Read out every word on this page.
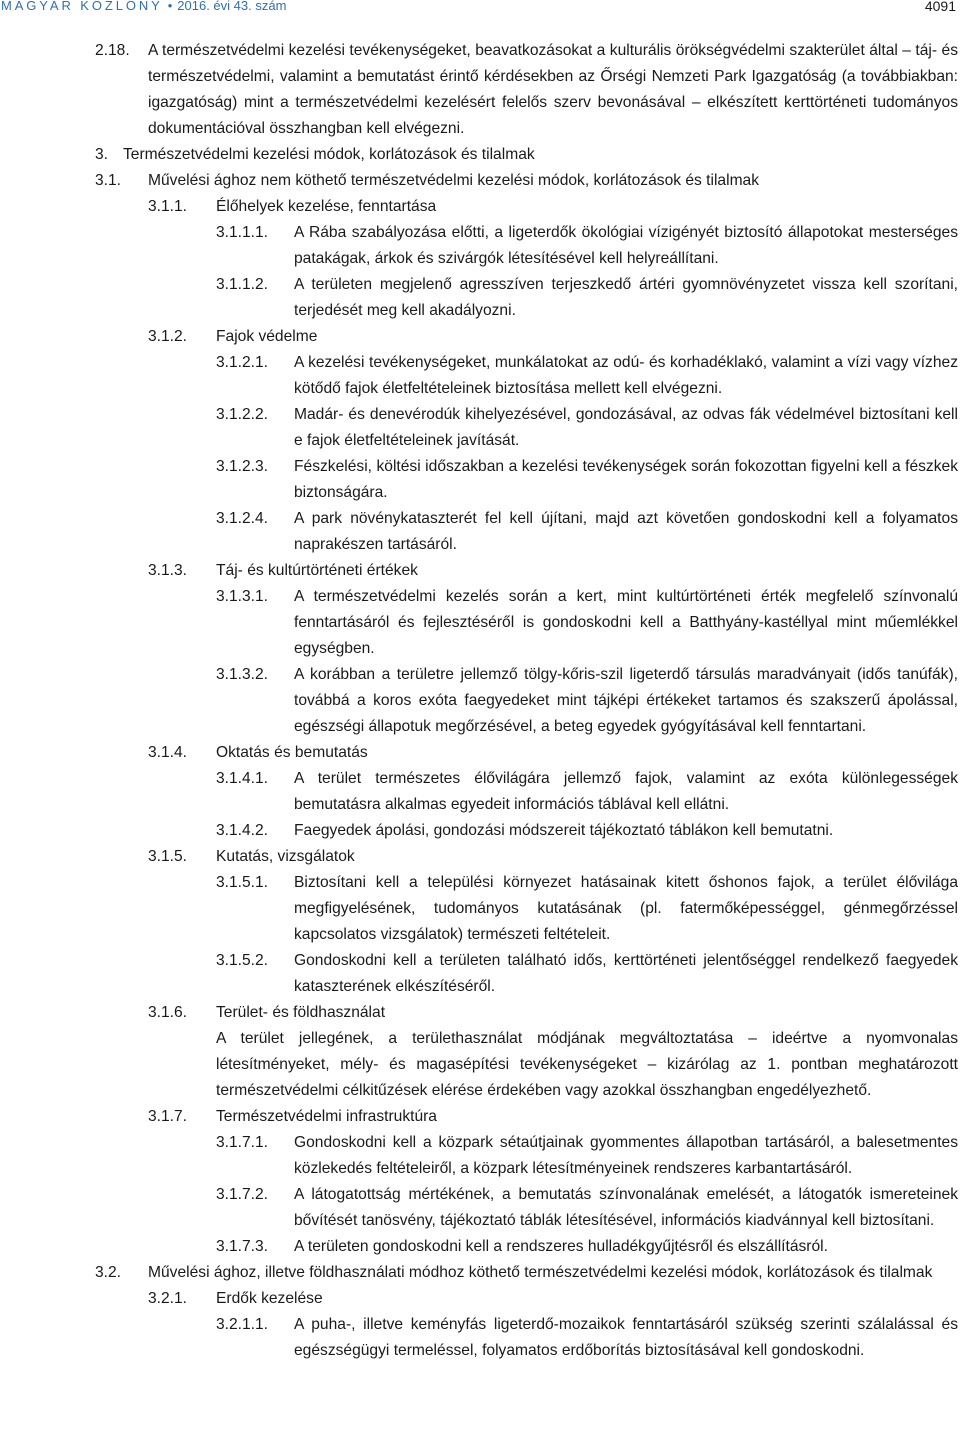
MAGYAR KÖZLÖNY • 2016. évi 43. szám	4091
2.18.	A természetvédelmi kezelési tevékenységeket, beavatkozásokat a kulturális örökségvédelmi szakterület által – táj- és természetvédelmi, valamint a bemutatást érintő kérdésekben az Őrségi Nemzeti Park Igazgatóság (a továbbiakban: igazgatóság) mint a természetvédelmi kezelésért felelős szerv bevonásával – elkészített kerttörténeti tudományos dokumentációval összhangban kell elvégezni.
3. Természetvédelmi kezelési módok, korlátozások és tilalmak
3.1.	Művelési ághoz nem köthető természetvédelmi kezelési módok, korlátozások és tilalmak
3.1.1.	Élőhelyek kezelése, fenntartása
3.1.1.1.	A Rába szabályozása előtti, a ligeterdők ökológiai vízigényét biztosító állapotokat mesterséges patakágak, árkok és szivárgók létesítésével kell helyreállítani.
3.1.1.2.	A területen megjelenő agresszíven terjeszkedő ártéri gyomnövényzetet vissza kell szorítani, terjedését meg kell akadályozni.
3.1.2.	Fajok védelme
3.1.2.1.	A kezelési tevékenységeket, munkálatokat az odú- és korhadéklakó, valamint a vízi vagy vízhez kötődő fajok életfeltételeinek biztosítása mellett kell elvégezni.
3.1.2.2.	Madár- és denevérodúk kihelyezésével, gondozásával, az odvas fák védelmével biztosítani kell e fajok életfeltételeinek javítását.
3.1.2.3.	Fészkelési, költési időszakban a kezelési tevékenységek során fokozottan figyelni kell a fészkek biztonságára.
3.1.2.4.	A park növénykataszterét fel kell újítani, majd azt követően gondoskodni kell a folyamatos naprakészen tartásáról.
3.1.3.	Táj- és kultúrtörténeti értékek
3.1.3.1.	A természetvédelmi kezelés során a kert, mint kultúrtörténeti érték megfelelő színvonalú fenntartásáról és fejlesztéséről is gondoskodni kell a Batthyány-kastéllyal mint műemlékkel egységben.
3.1.3.2.	A korábban a területre jellemző tölgy-kőris-szil ligeterdő társulás maradványait (idős tanúfák), továbbá a koros exóta faegyedeket mint tájképi értékeket tartamos és szakszerű ápolással, egészségi állapotuk megőrzésével, a beteg egyedek gyógyításával kell fenntartani.
3.1.4.	Oktatás és bemutatás
3.1.4.1.	A terület természetes élővilágára jellemző fajok, valamint az exóta különlegességek bemutatásra alkalmas egyedeit információs táblával kell ellátni.
3.1.4.2.	Faegyedek ápolási, gondozási módszereit tájékoztató táblákon kell bemutatni.
3.1.5.	Kutatás, vizsgálatok
3.1.5.1.	Biztosítani kell a települési környezet hatásainak kitett őshonos fajok, a terület élővilága megfigyelésének, tudományos kutatásának (pl. fatermőképességgel, génmegőrzéssel kapcsolatos vizsgálatok) természeti feltételeit.
3.1.5.2.	Gondoskodni kell a területen található idős, kerttörténeti jelentőséggel rendelkező faegyedek kataszterének elkészítéséről.
3.1.6.	Terület- és földhasználat
A terület jellegének, a területhasználat módjának megváltoztatása – ideértve a nyomvonalas létesítményeket, mély- és magasépítési tevékenységeket – kizárólag az 1. pontban meghatározott természetvédelmi célkitűzések elérése érdekében vagy azokkal összhangban engedélyezhető.
3.1.7.	Természetvédelmi infrastruktúra
3.1.7.1.	Gondoskodni kell a közpark sétaútjainak gyommentes állapotban tartásáról, a balesetmentes közlekedés feltételeiről, a közpark létesítményeinek rendszeres karbantartásáról.
3.1.7.2.	A látogatottság mértékének, a bemutatás színvonalának emelését, a látogatók ismereteinek bővítését tanösvény, tájékoztató táblák létesítésével, információs kiadvánnyal kell biztosítani.
3.1.7.3.	A területen gondoskodni kell a rendszeres hulladékgyűjtésről és elszállításról.
3.2.	Művelési ághoz, illetve földhasználati módhoz köthető természetvédelmi kezelési módok, korlátozások és tilalmak
3.2.1.	Erdők kezelése
3.2.1.1.	A puha-, illetve keményfás ligeterdő-mozaikok fenntartásáról szükség szerinti szálalással és egészségügyi termeléssel, folyamatos erdőborítás biztosításával kell gondoskodni.
